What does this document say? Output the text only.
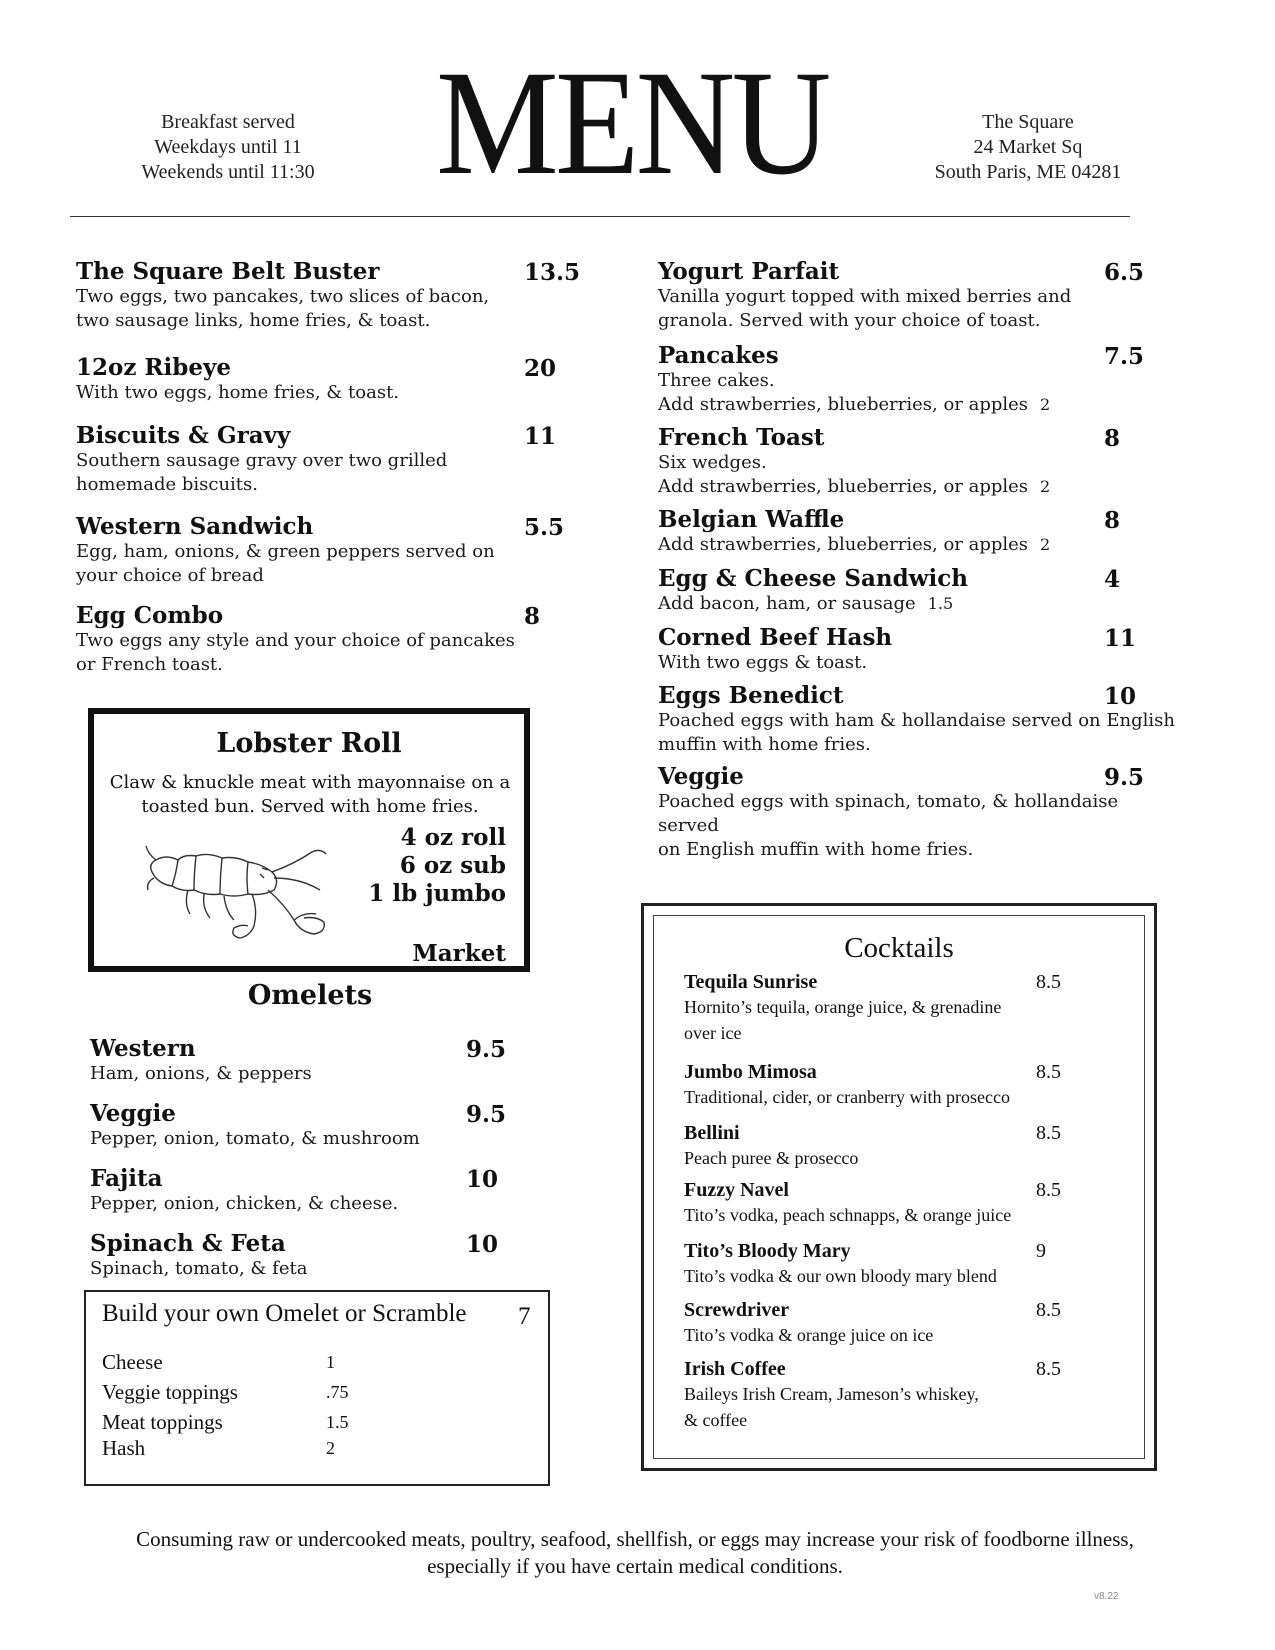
Breakfast served
Weekdays until 11
Weekends until 11:30 MENU	The Square
24 Market Sq
South Paris, ME 04281
The Square Belt Buster	13.5
Two eggs, two pancakes, two slices of bacon,
two sausage links, home fries, & toast.
12oz Ribeye	20
With two eggs, home fries, & toast.
Biscuits & Gravy	11
Southern sausage gravy over two grilled
homemade biscuits.
Western Sandwich	5.5
Egg, ham, onions, & green peppers served on
your choice of bread
Egg Combo	8
Two eggs any style and your choice of pancakes
or French toast.
Yogurt Parfait	6.5
Vanilla yogurt topped with mixed berries and
granola. Served with your choice of toast.
Pancakes	7.5
Three cakes.
Add strawberries, blueberries, or apples 2
French Toast	8
Six wedges.
Add strawberries, blueberries, or apples 2
Belgian Waffle	8
Add strawberries, blueberries, or apples 2
Egg & Cheese Sandwich	4
Add bacon, ham, or sausage 1.5
Corned Beef Hash	11
With two eggs & toast.
Eggs Benedict	10
Poached eggs with ham & hollandaise served on English
muffin with home fries.
Veggie	9.5
Poached eggs with spinach, tomato, & hollandaise served
on English muffin with home fries.
Lobster Roll
Claw & knuckle meat with mayonnaise on a
toasted bun. Served with home fries.
4 oz roll
6 oz sub
1 lb jumbo
Market
Omelets
Western	9.5
Ham, onions, & peppers
Veggie	9.5
Pepper, onion, tomato, & mushroom
Fajita	10
Pepper, onion, chicken, & cheese.
Spinach & Feta	10
Spinach, tomato, & feta
Build your own Omelet or Scramble 7
Cheese	1
Veggie toppings	.75
Meat toppings	1.5
Hash	2
Cocktails
Tequila Sunrise	8.5
Hornito’s tequila, orange juice, & grenadine
over ice
Jumbo Mimosa	8.5
Traditional, cider, or cranberry with prosecco
Bellini	8.5
Peach puree & prosecco
Fuzzy Navel	8.5
Tito’s vodka, peach schnapps, & orange juice
Tito’s Bloody Mary	9
Tito’s vodka & our own bloody mary blend
Screwdriver	8.5
Tito’s vodka & orange juice on ice
Irish Coffee	8.5
Baileys Irish Cream, Jameson’s whiskey,
& coffee
Consuming raw or undercooked meats, poultry, seafood, shellfish, or eggs may increase your risk of foodborne illness,
especially if you have certain medical conditions.
v8.22
